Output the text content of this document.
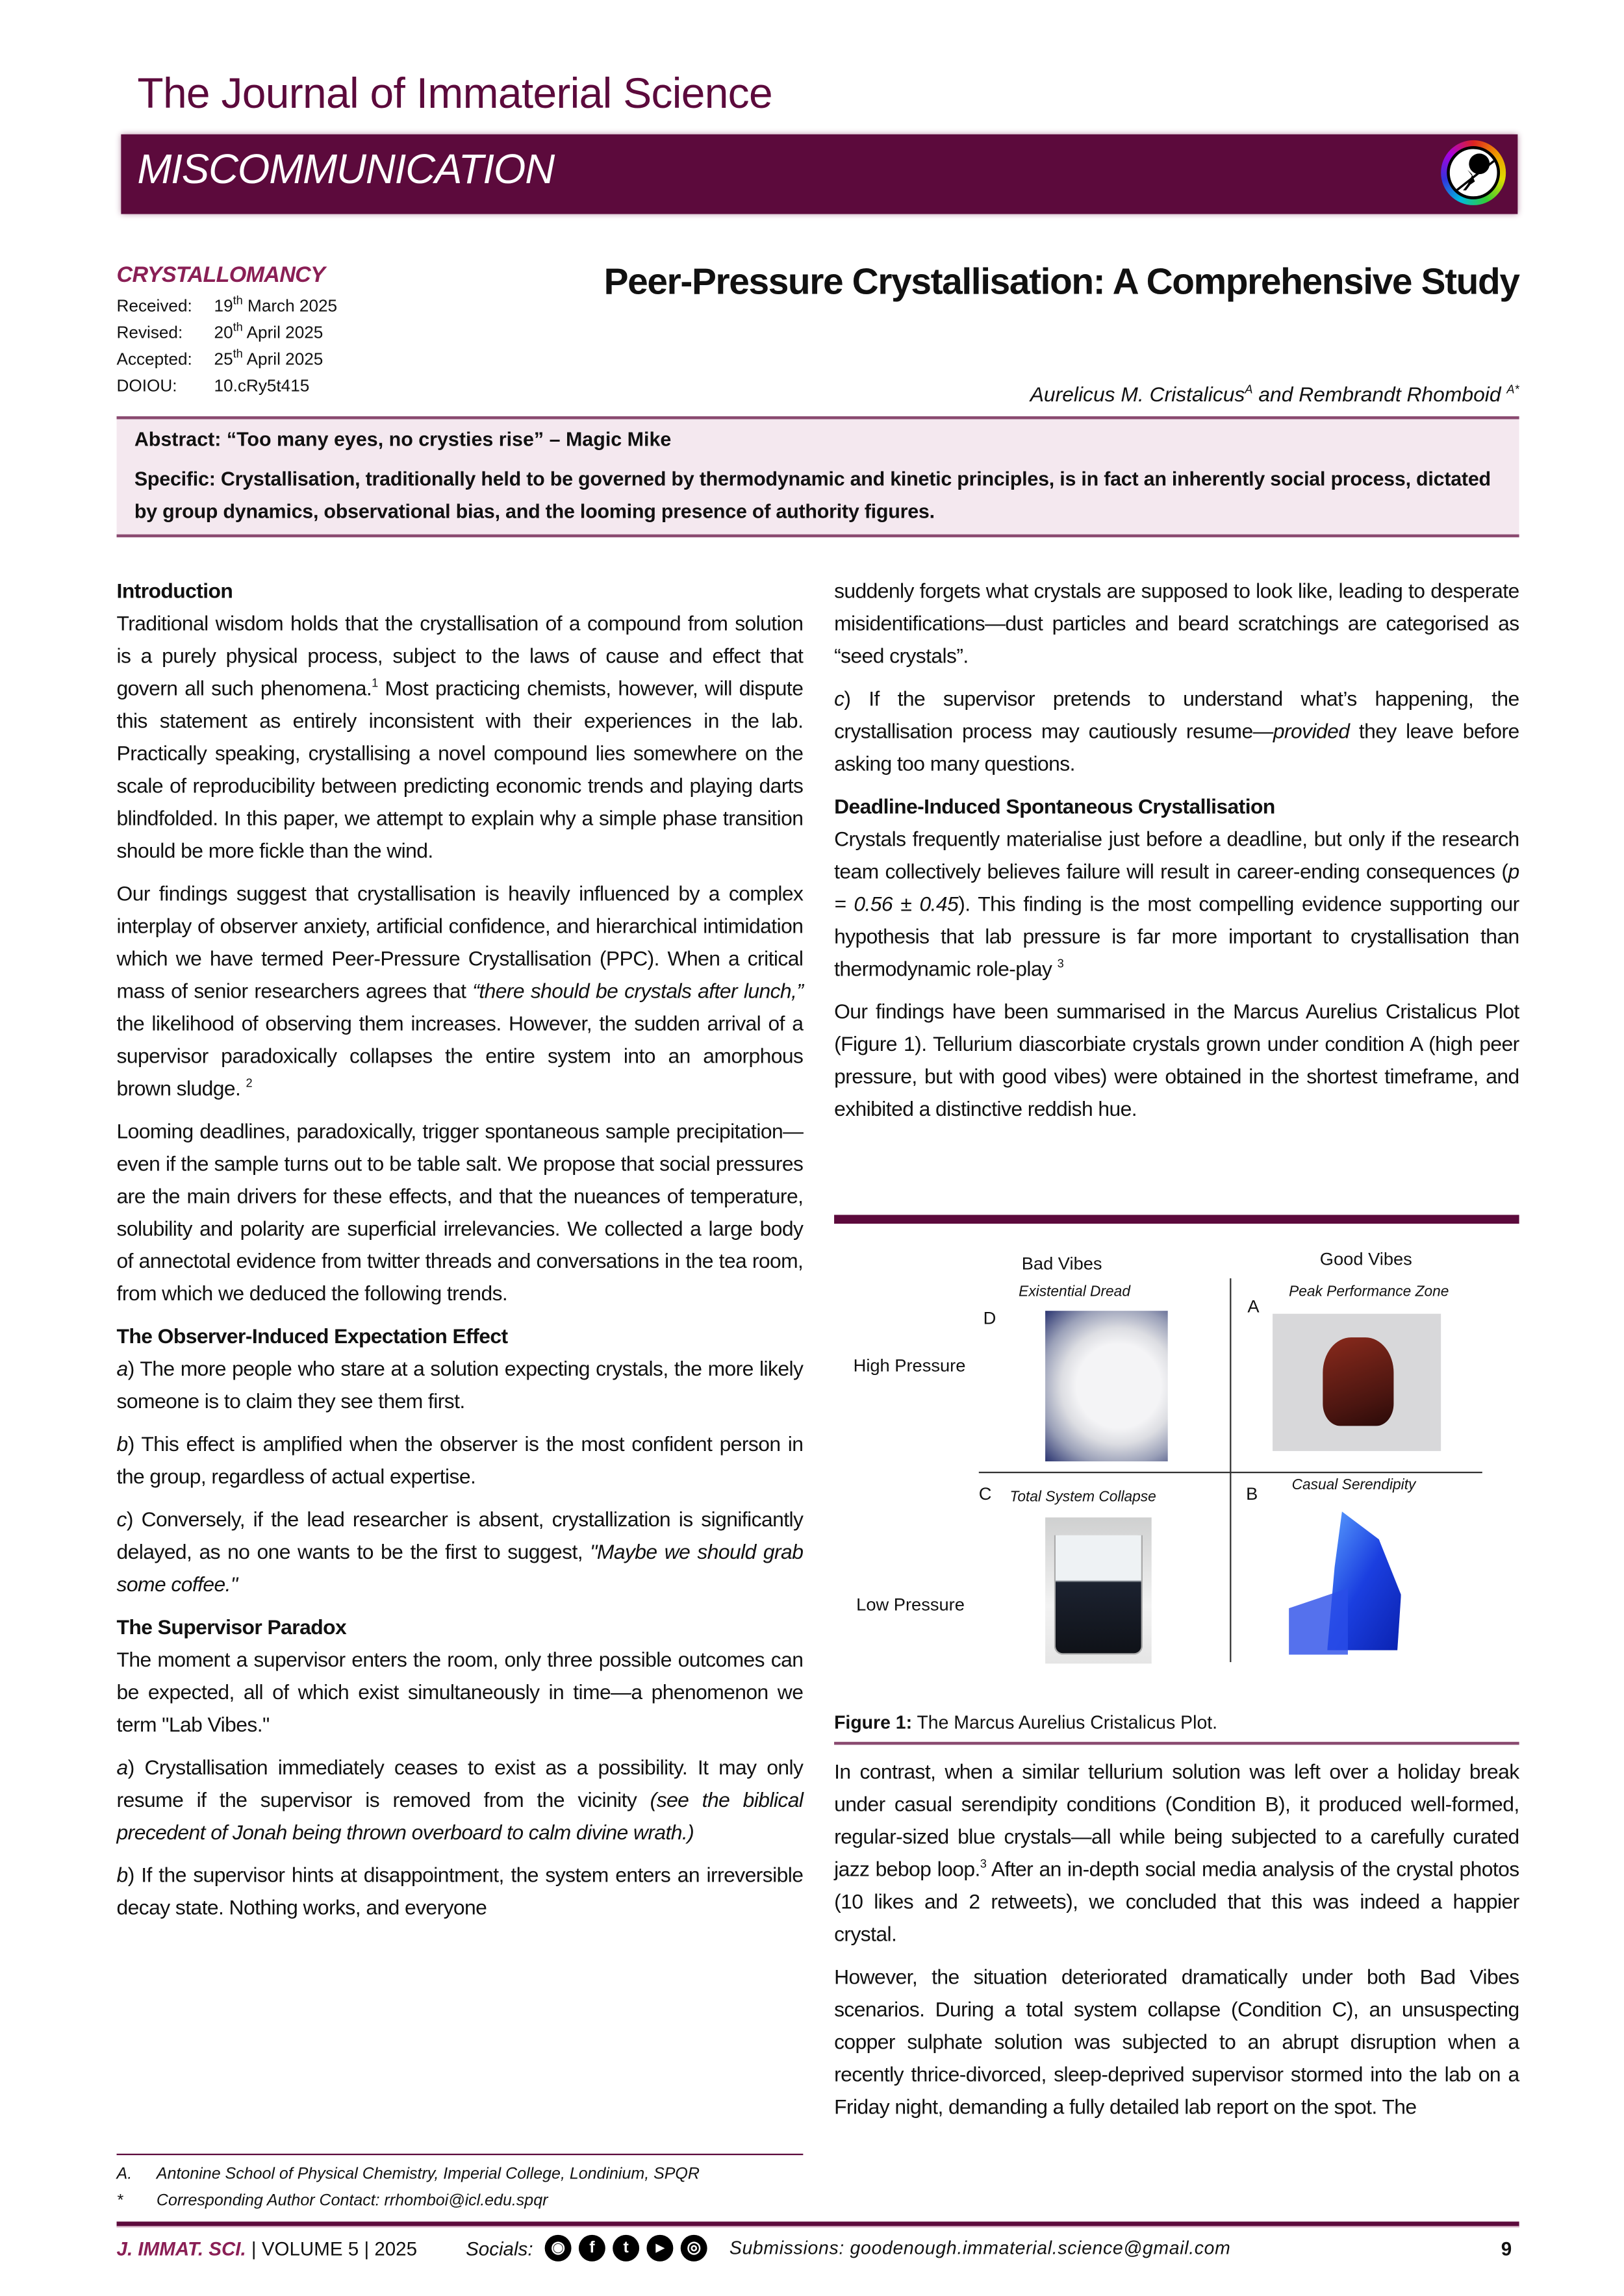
The Journal of Immaterial Science
MISCOMMUNICATION
CRYSTALLOMANCY
Received:	19th March 2025
Revised:	20th April 2025
Accepted:	25th April 2025
DOIOU:	10.cRy5t415
Peer-Pressure Crystallisation: A Comprehensive Study
Aurelicus M. Cristalicus$^A$ and Rembrandt Rhomboid $^{A*}$

Abstract: “Too many eyes, no crysties rise” – Magic Mike

Specific: Crystallisation, traditionally held to be governed by thermodynamic and kinetic principles, is in fact an inherently social process, dictated by group dynamics, observational bias, and the looming presence of authority figures.

Introduction

Traditional wisdom holds that the crystallisation of a compound from solution is a purely physical process, subject to the laws of cause and effect that govern all such phenomena.$^1$ Most practicing chemists, however, will dispute this statement as entirely inconsistent with their experiences in the lab. Practically speaking, crystallising a novel compound lies somewhere on the scale of reproducibility between predicting economic trends and playing darts blindfolded. In this paper, we attempt to explain why a simple phase transition should be more fickle than the wind.

Our findings suggest that crystallisation is heavily influenced by a complex interplay of observer anxiety, artificial confidence, and hierarchical intimidation which we have termed Peer-Pressure Crystallisation (PPC). When a critical mass of senior researchers agrees that “there should be crystals after lunch,” the likelihood of observing them increases. However, the sudden arrival of a supervisor paradoxically collapses the entire system into an amorphous brown sludge. $^2$

Looming deadlines, paradoxically, trigger spontaneous sample precipitation—even if the sample turns out to be table salt. We propose that social pressures are the main drivers for these effects, and that the nueances of temperature, solubility and polarity are superficial irrelevancies. We collected a large body of annectotal evidence from twitter threads and conversations in the tea room, from which we deduced the following trends.

The Observer-Induced Expectation Effect

a) The more people who stare at a solution expecting crystals, the more likely someone is to claim they see them first.

b) This effect is amplified when the observer is the most confident person in the group, regardless of actual expertise.

c) Conversely, if the lead researcher is absent, crystallization is significantly delayed, as no one wants to be the first to suggest, "Maybe we should grab some coffee."

The Supervisor Paradox

The moment a supervisor enters the room, only three possible outcomes can be expected, all of which exist simultaneously in time—a phenomenon we term "Lab Vibes."

a) Crystallisation immediately ceases to exist as a possibility. It may only resume if the supervisor is removed from the vicinity (see the biblical precedent of Jonah being thrown overboard to calm divine wrath.)

b) If the supervisor hints at disappointment, the system enters an irreversible decay state. Nothing works, and everyone

A.	Antonine School of Physical Chemistry, Imperial College, Londinium, SPQR
*	Corresponding Author Contact: rrhomboi@icl.edu.spqr

suddenly forgets what crystals are supposed to look like, leading to desperate misidentifications—dust particles and beard scratchings are categorised as “seed crystals”.

c) If the supervisor pretends to understand what’s happening, the crystallisation process may cautiously resume—provided they leave before asking too many questions.

Deadline-Induced Spontaneous Crystallisation

Crystals frequently materialise just before a deadline, but only if the research team collectively believes failure will result in career-ending consequences (p = 0.56 ± 0.45). This finding is the most compelling evidence supporting our hypothesis that lab pressure is far more important to crystallisation than thermodynamic role-play $^3$

Our findings have been summarised in the Marcus Aurelius Cristalicus Plot (Figure 1). Tellurium diascorbiate crystals grown under condition A (high peer pressure, but with good vibes) were obtained in the shortest timeframe, and exhibited a distinctive reddish hue.

Bad Vibes	Good Vibes
High Pressure
Low Pressure
Existential Dread
D
Peak Performance Zone
A
C	Total System Collapse	B	Casual Serendipity
Figure 1: The Marcus Aurelius Cristalicus Plot.

In contrast, when a similar tellurium solution was left over a holiday break under casual serendipity conditions (Condition B), it produced well-formed, regular-sized blue crystals—all while being subjected to a carefully curated jazz bebop loop.$^3$ After an in-depth social media analysis of the crystal photos (10 likes and 2 retweets), we concluded that this was indeed a happier crystal.

However, the situation deteriorated dramatically under both Bad Vibes scenarios. During a total system collapse (Condition C), an unsuspecting copper sulphate solution was subjected to an abrupt disruption when a recently thrice-divorced, sleep-deprived supervisor stormed into the lab on a Friday night, demanding a fully detailed lab report on the spot. The

J. IMMAT. SCI. | VOLUME 5 | 2025	Socials:	◉	f	t	▸	◎	Submissions: goodenough.immaterial.science@gmail.com	9
